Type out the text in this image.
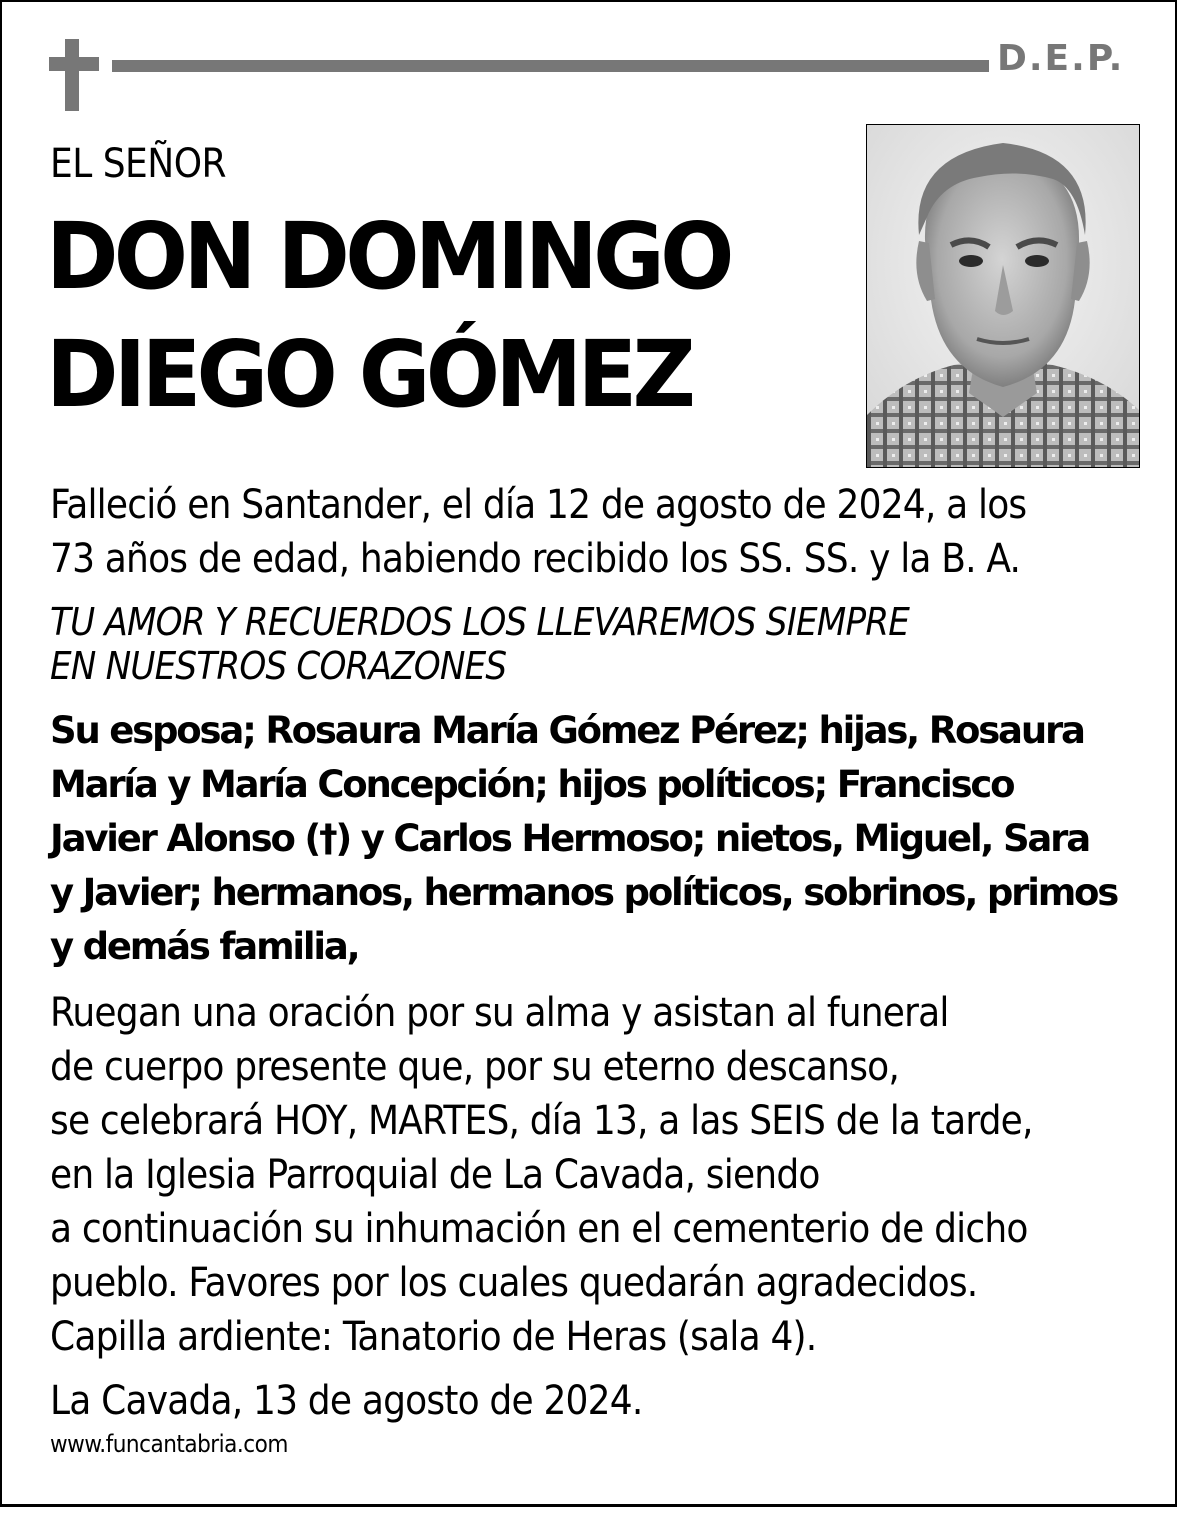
D.E.P.
EL SEÑOR
DON DOMINGO
DIEGO GÓMEZ
Falleció en Santander, el día 12 de agosto de 2024, a los
73 años de edad, habiendo recibido los SS. SS. y la B. A.
TU AMOR Y RECUERDOS LOS LLEVAREMOS SIEMPRE
EN NUESTROS CORAZONES
Su esposa; Rosaura María Gómez Pérez; hijas, Rosaura
María y María Concepción; hijos políticos; Francisco
Javier Alonso (†) y Carlos Hermoso; nietos, Miguel, Sara
y Javier; hermanos, hermanos políticos, sobrinos, primos
y demás familia,
Ruegan una oración por su alma y asistan al funeral
de cuerpo presente que, por su eterno descanso,
se celebrará HOY, MARTES, día 13, a las SEIS de la tarde,
en la Iglesia Parroquial de La Cavada, siendo
a continuación su inhumación en el cementerio de dicho
pueblo. Favores por los cuales quedarán agradecidos.
Capilla ardiente: Tanatorio de Heras (sala 4).
La Cavada, 13 de agosto de 2024.
www.funcantabria.com
